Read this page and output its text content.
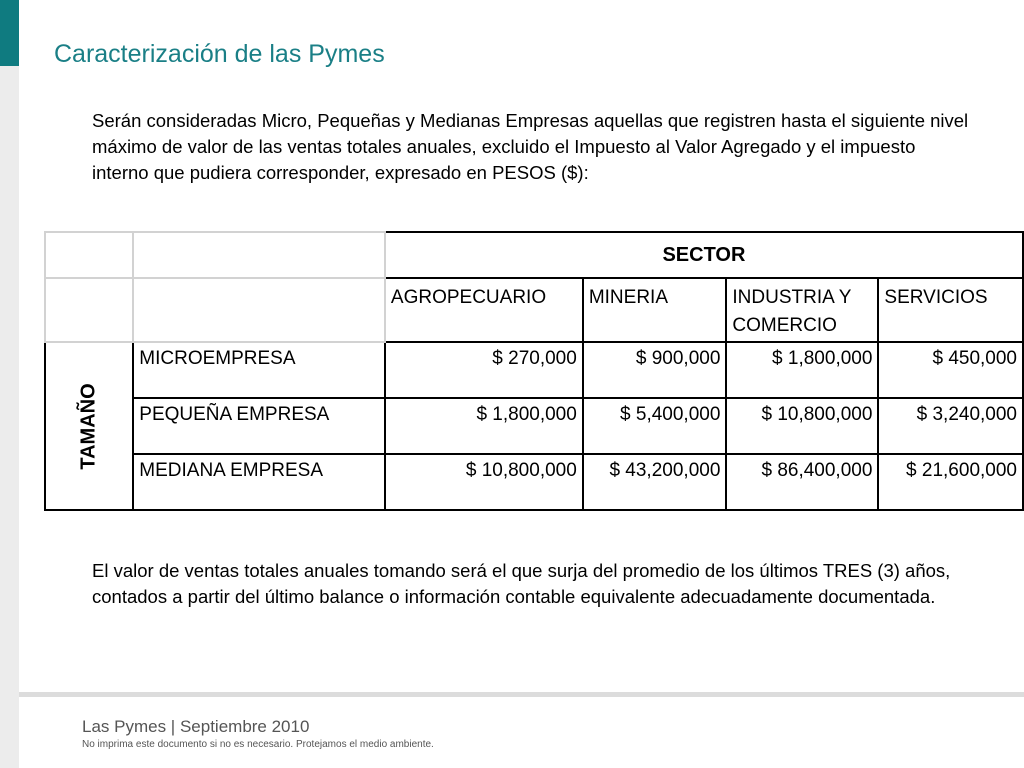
Caracterización de las Pymes
Serán consideradas Micro, Pequeñas y Medianas Empresas aquellas que registren hasta el siguiente nivel máximo de valor de las ventas totales anuales, excluido el Impuesto al Valor Agregado y el impuesto interno que pudiera corresponder, expresado en PESOS ($):
		SECTOR			
		AGROPECUARIO	MINERIA	INDUSTRIA Y COMERCIO	SERVICIOS
TAMAÑO	MICROEMPRESA	$ 270,000	$ 900,000	$ 1,800,000	$ 450,000
	PEQUEÑA EMPRESA	$ 1,800,000	$ 5,400,000	$ 10,800,000	$ 3,240,000
	MEDIANA EMPRESA	$ 10,800,000	$ 43,200,000	$ 86,400,000	$ 21,600,000
El valor de ventas totales anuales tomando será el que surja del promedio de los últimos TRES (3) años, contados a partir del último balance o información contable equivalente adecuadamente documentada.
Las Pymes | Septiembre 2010
No imprima este documento si no es necesario. Protejamos el medio ambiente.
